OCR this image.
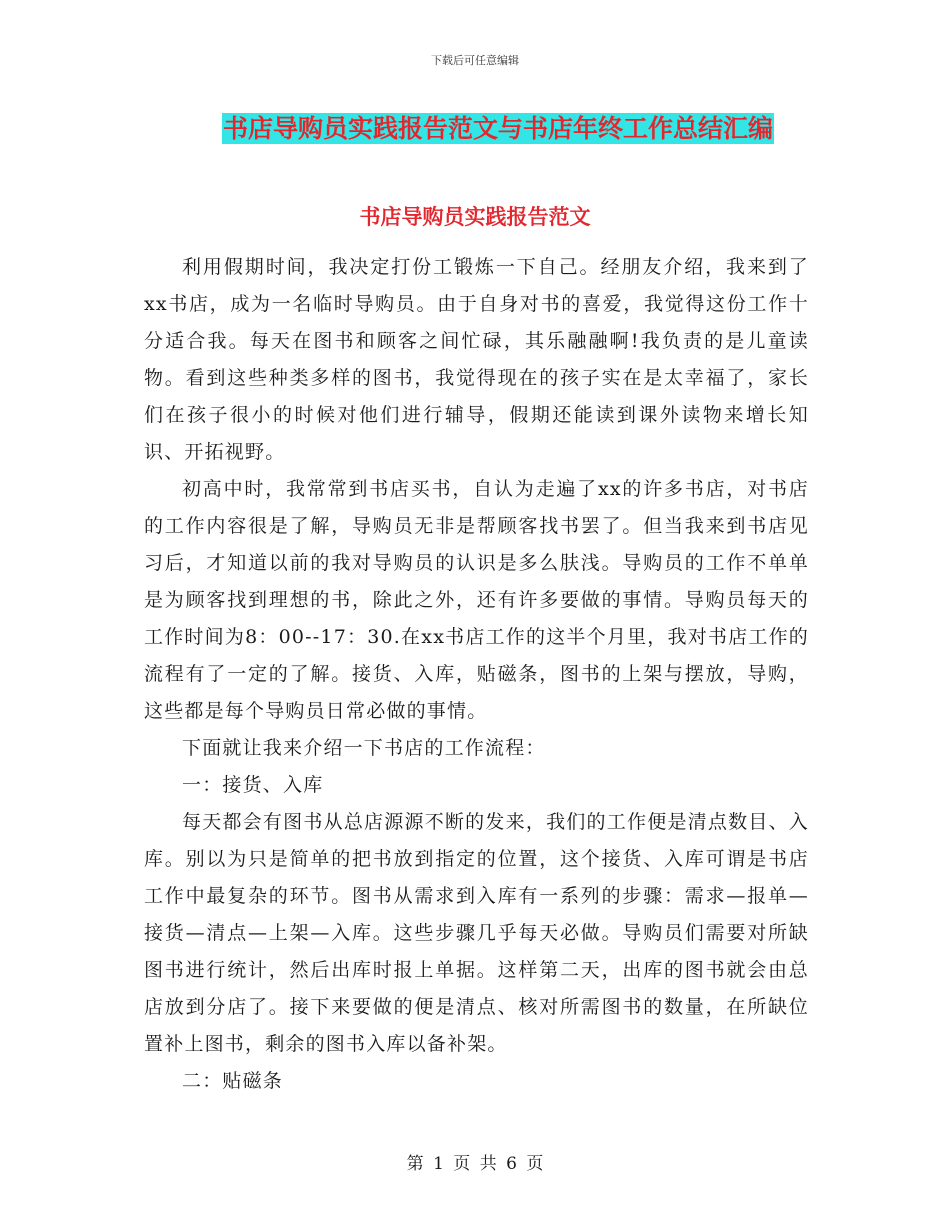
下载后可任意编辑
书店导购员实践报告范文与书店年终工作总结汇编
书店导购员实践报告范文

利用假期时间，我决定打份工锻炼一下自己。经朋友介绍，我来到了xx书店，成为一名临时导购员。由于自身对书的喜爱，我觉得这份工作十分适合我。每天在图书和顾客之间忙碌，其乐融融啊!我负责的是儿童读物。看到这些种类多样的图书，我觉得现在的孩子实在是太幸福了，家长们在孩子很小的时候对他们进行辅导，假期还能读到课外读物来增长知识、开拓视野。

初高中时，我常常到书店买书，自认为走遍了xx的许多书店，对书店的工作内容很是了解，导购员无非是帮顾客找书罢了。但当我来到书店见习后，才知道以前的我对导购员的认识是多么肤浅。导购员的工作不单单是为顾客找到理想的书，除此之外，还有许多要做的事情。导购员每天的工作时间为8：00--17：30.在xx书店工作的这半个月里，我对书店工作的流程有了一定的了解。接货、入库，贴磁条，图书的上架与摆放，导购，这些都是每个导购员日常必做的事情。

下面就让我来介绍一下书店的工作流程：

一：接货、入库

每天都会有图书从总店源源不断的发来，我们的工作便是清点数目、入库。别以为只是简单的把书放到指定的位置，这个接货、入库可谓是书店工作中最复杂的环节。图书从需求到入库有一系列的步骤：需求—报单—接货—清点—上架—入库。这些步骤几乎每天必做。导购员们需要对所缺图书进行统计，然后出库时报上单据。这样第二天，出库的图书就会由总店放到分店了。接下来要做的便是清点、核对所需图书的数量，在所缺位置补上图书，剩余的图书入库以备补架。

二：贴磁条

第 1 页 共 6 页
